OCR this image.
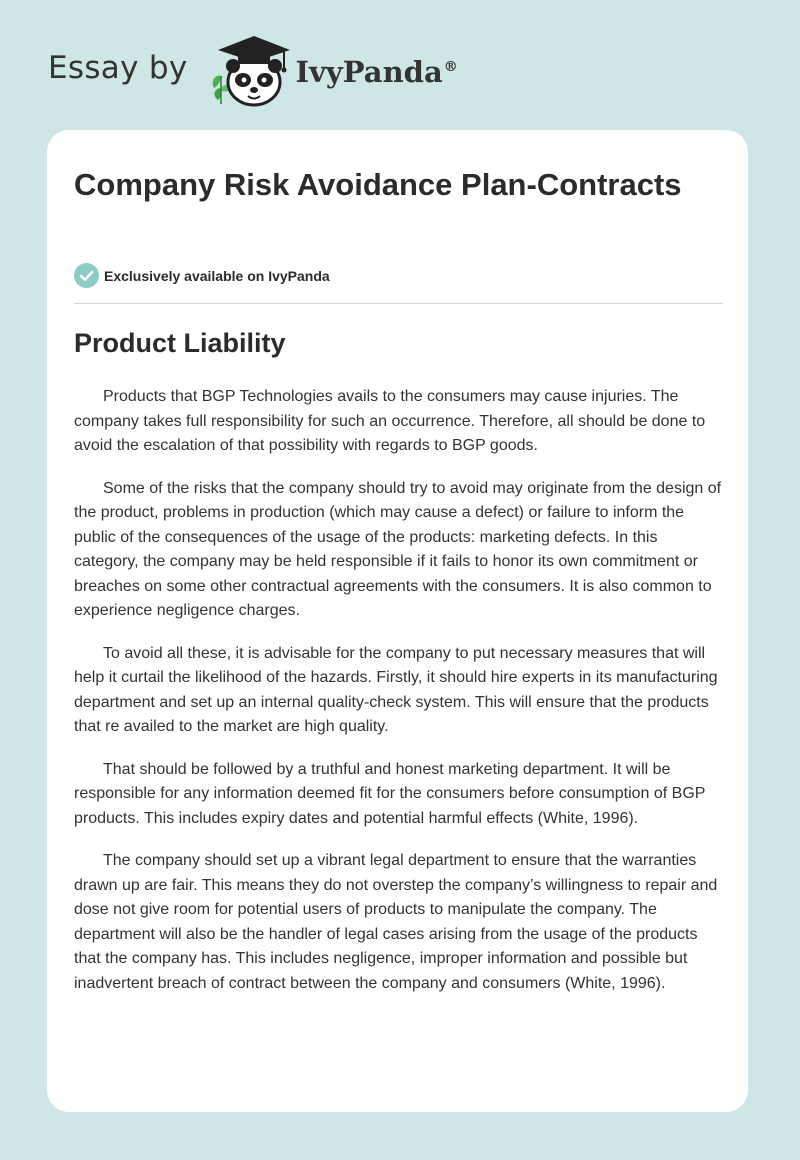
Essay by	IvyPanda®
Company Risk Avoidance Plan-Contracts
Exclusively available on IvyPanda
Product Liability

Products that BGP Technologies avails to the consumers may cause injuries. The company takes full responsibility for such an occurrence. Therefore, all should be done to avoid the escalation of that possibility with regards to BGP goods.

Some of the risks that the company should try to avoid may originate from the design of the product, problems in production (which may cause a defect) or failure to inform the public of the consequences of the usage of the products: marketing defects. In this category, the company may be held responsible if it fails to honor its own commitment or breaches on some other contractual agreements with the consumers. It is also common to experience negligence charges.

To avoid all these, it is advisable for the company to put necessary measures that will help it curtail the likelihood of the hazards. Firstly, it should hire experts in its manufacturing department and set up an internal quality-check system. This will ensure that the products that re availed to the market are high quality.

That should be followed by a truthful and honest marketing department. It will be responsible for any information deemed fit for the consumers before consumption of BGP products. This includes expiry dates and potential harmful effects (White, 1996).

The company should set up a vibrant legal department to ensure that the warranties drawn up are fair. This means they do not overstep the company’s willingness to repair and dose not give room for potential users of products to manipulate the company. The department will also be the handler of legal cases arising from the usage of the products that the company has. This includes negligence, improper information and possible but inadvertent breach of contract between the company and consumers (White, 1996).
